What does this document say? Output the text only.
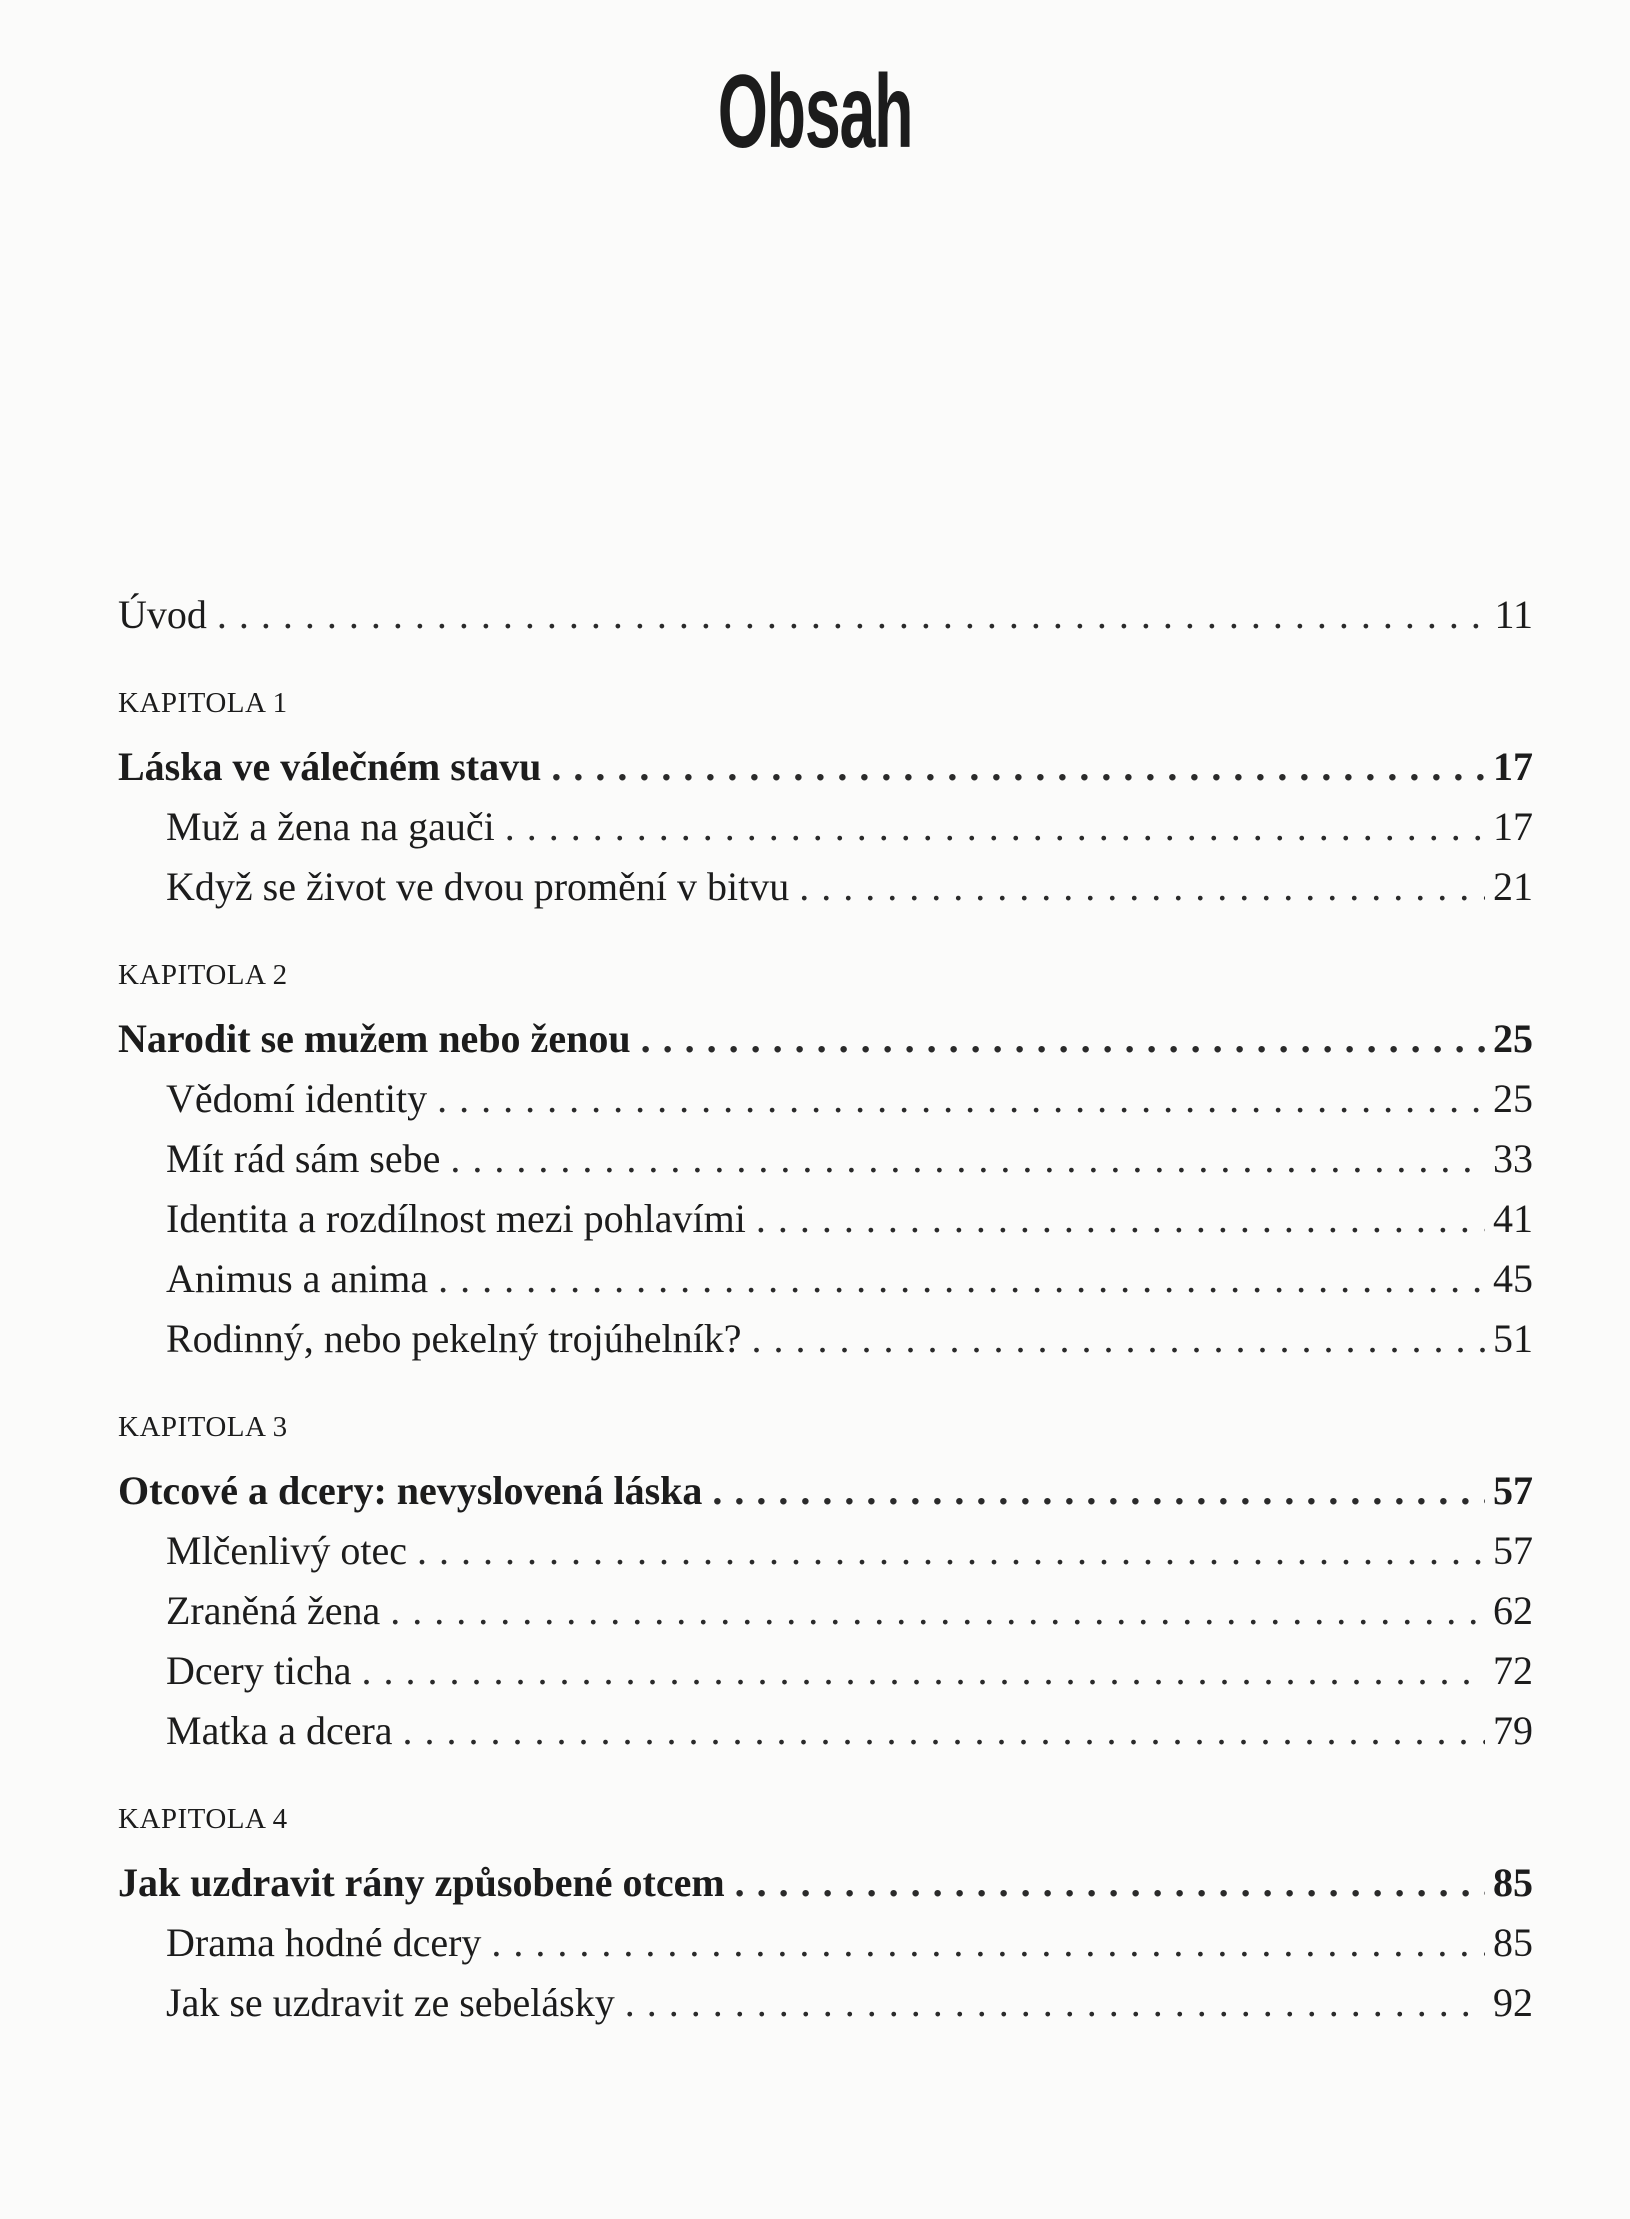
Obsah
Úvod . . .	11
KAPITOLA 1
Láska ve válečném stavu . . .	17
Muž a žena na gauči . . .	17
Když se život ve dvou promění v bitvu . . .	21
KAPITOLA 2
Narodit se mužem nebo ženou . . .	25
Vědomí identity . . .	25
Mít rád sám sebe . . .	33
Identita a rozdílnost mezi pohlavími . . .	41
Animus a anima . . .	45
Rodinný, nebo pekelný trojúhelník? . . .	51
KAPITOLA 3
Otcové a dcery: nevyslovená láska . . .	57
Mlčenlivý otec . . .	57
Zraněná žena . . .	62
Dcery ticha . . .	72
Matka a dcera . . .	79
KAPITOLA 4
Jak uzdravit rány způsobené otcem . . .	85
Drama hodné dcery . . .	85
Jak se uzdravit ze sebelásky . . .	92
